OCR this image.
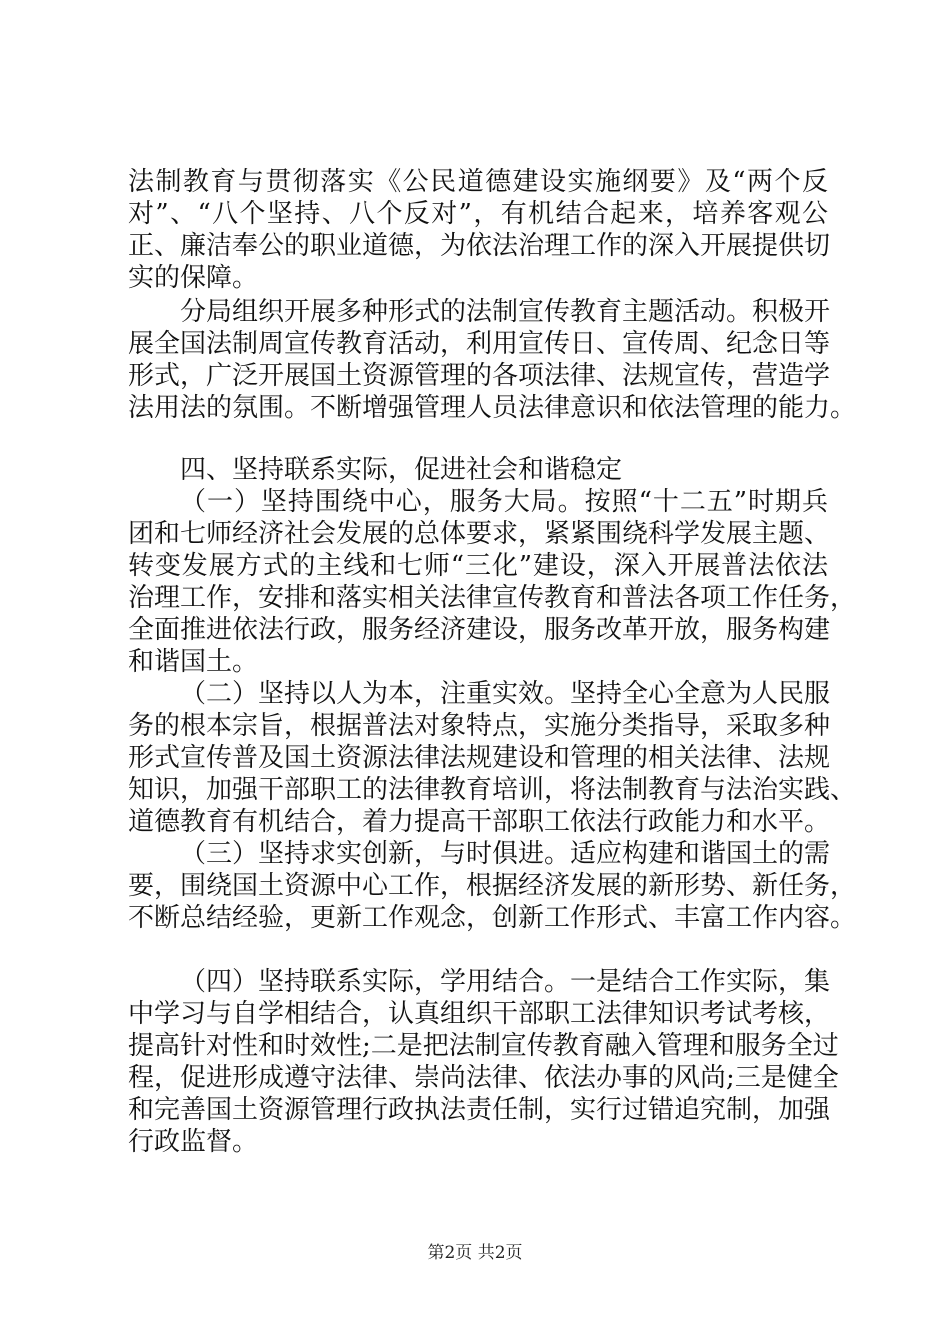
法制教育与贯彻落实《公民道德建设实施纲要》及“两个反
对”、“八个坚持、八个反对”，有机结合起来，培养客观公
正、廉洁奉公的职业道德，为依法治理工作的深入开展提供切
实的保障。
分局组织开展多种形式的法制宣传教育主题活动。积极开
展全国法制周宣传教育活动，利用宣传日、宣传周、纪念日等
形式，广泛开展国土资源管理的各项法律、法规宣传，营造学
法用法的氛围。不断增强管理人员法律意识和依法管理的能力。
四、坚持联系实际，促进社会和谐稳定
（一）坚持围绕中心，服务大局。按照“十二五”时期兵
团和七师经济社会发展的总体要求，紧紧围绕科学发展主题、
转变发展方式的主线和七师“三化”建设，深入开展普法依法
治理工作，安排和落实相关法律宣传教育和普法各项工作任务，
全面推进依法行政，服务经济建设，服务改革开放，服务构建
和谐国土。
（二）坚持以人为本，注重实效。坚持全心全意为人民服
务的根本宗旨，根据普法对象特点，实施分类指导，采取多种
形式宣传普及国土资源法律法规建设和管理的相关法律、法规
知识，加强干部职工的法律教育培训，将法制教育与法治实践、
道德教育有机结合，着力提高干部职工依法行政能力和水平。
（三）坚持求实创新，与时俱进。适应构建和谐国土的需
要，围绕国土资源中心工作，根据经济发展的新形势、新任务，
不断总结经验，更新工作观念，创新工作形式、丰富工作内容。
（四）坚持联系实际，学用结合。一是结合工作实际，集
中学习与自学相结合，认真组织干部职工法律知识考试考核，
提高针对性和时效性;二是把法制宣传教育融入管理和服务全过
程，促进形成遵守法律、崇尚法律、依法办事的风尚;三是健全
和完善国土资源管理行政执法责任制，实行过错追究制，加强
行政监督。
第2页 共2页
